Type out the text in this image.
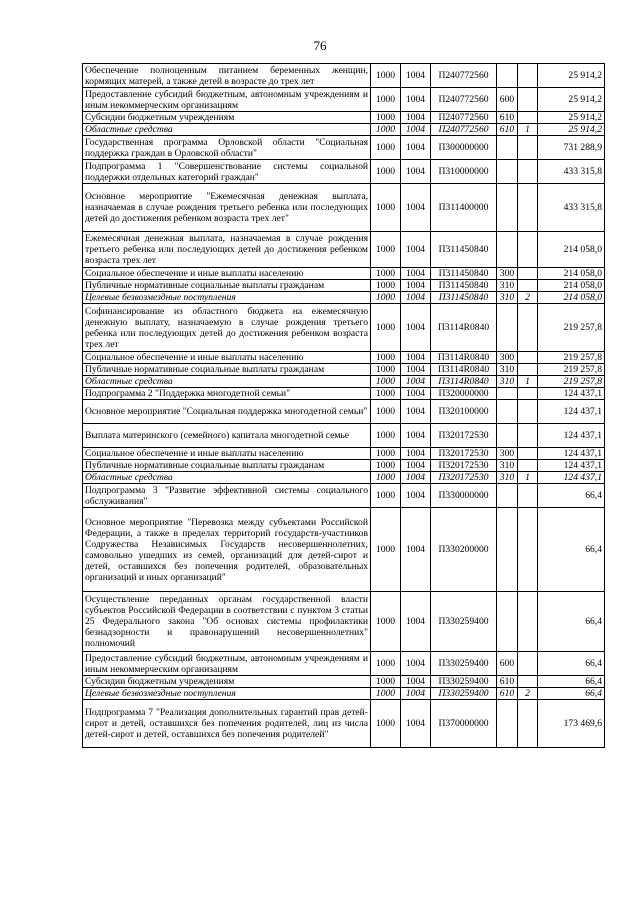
76
Обеспечение полноценным питанием беременных женщин, кормящих матерей, а также детей в возрасте до трех лет	1000	1004	П240772560			25 914,2
Предоставление субсидий бюджетным, автономным учреждениям и иным некоммерческим организациям	1000	1004	П240772560	600		25 914,2
Субсидии бюджетным учреждениям	1000	1004	П240772560	610		25 914,2
Областные средства	1000	1004	П240772560	610	1	25 914,2
Государственная программа Орловской области "Социальная поддержка граждан в Орловской области"	1000	1004	П300000000			731 288,9
Подпрограмма 1 "Совершенствование системы социальной поддержки отдельных категорий граждан"	1000	1004	П310000000			433 315,8
Основное мероприятие "Ежемесячная денежная выплата, назначаемая в случае рождения третьего ребенка или последующих детей до достижения ребенком возраста трех лет"	1000	1004	П311400000			433 315,8
Ежемесячная денежная выплата, назначаемая в случае рождения третьего ребенка или последующих детей до достижения ребенком возраста трех лет	1000	1004	П311450840			214 058,0
Социальное обеспечение и иные выплаты населению	1000	1004	П311450840	300		214 058,0
Публичные нормативные социальные выплаты гражданам	1000	1004	П311450840	310		214 058,0
Целевые безвозмездные поступления	1000	1004	П311450840	310	2	214 058,0
Софинансирование из областного бюджета на ежемесячную денежную выплату, назначаемую в случае рождения третьего ребенка или последующих детей до достижения ребенком возраста трех лет	1000	1004	П3114R0840			219 257,8
Социальное обеспечение и иные выплаты населению	1000	1004	П3114R0840	300		219 257,8
Публичные нормативные социальные выплаты гражданам	1000	1004	П3114R0840	310		219 257,8
Областные средства	1000	1004	П3114R0840	310	1	219 257,8
Подпрограмма 2 "Поддержка многодетной семьи"	1000	1004	П320000000			124 437,1
Основное мероприятие "Социальная поддержка многодетной семьи"	1000	1004	П320100000			124 437,1
Выплата материнского (семейного) капитала многодетной семье	1000	1004	П320172530			124 437,1
Социальное обеспечение и иные выплаты населению	1000	1004	П320172530	300		124 437,1
Публичные нормативные социальные выплаты гражданам	1000	1004	П320172530	310		124 437,1
Областные средства	1000	1004	П320172530	310	1	124 437,1
Подпрограмма 3 "Развитие эффективной системы социального обслуживания"	1000	1004	П330000000			66,4
Основное мероприятие "Перевозка между субъектами Российской Федерации, а также в пределах территорий государств-участников Содружества Независимых Государств несовершеннолетних, самовольно ушедших из семей, организаций для детей-сирот и детей, оставшихся без попечения родителей, образовательных организаций и иных организаций"	1000	1004	П330200000			66,4
Осуществление переданных органам государственной власти субъектов Российской Федерации в соответствии с пунктом 3 статьи 25 Федерального закона "Об основах системы профилактики безнадзорности и правонарушений несовершеннолетних" полномочий	1000	1004	П330259400			66,4
Предоставление субсидий бюджетным, автономным учреждениям и иным некоммерческим организациям	1000	1004	П330259400	600		66,4
Субсидии бюджетным учреждениям	1000	1004	П330259400	610		66,4
Целевые безвозмездные поступления	1000	1004	П330259400	610	2	66,4
Подпрограмма 7 "Реализация дополнительных гарантий прав детей-сирот и детей, оставшихся без попечения родителей, лиц из числа детей-сирот и детей, оставшихся без попечения родителей"	1000	1004	П370000000			173 469,6
